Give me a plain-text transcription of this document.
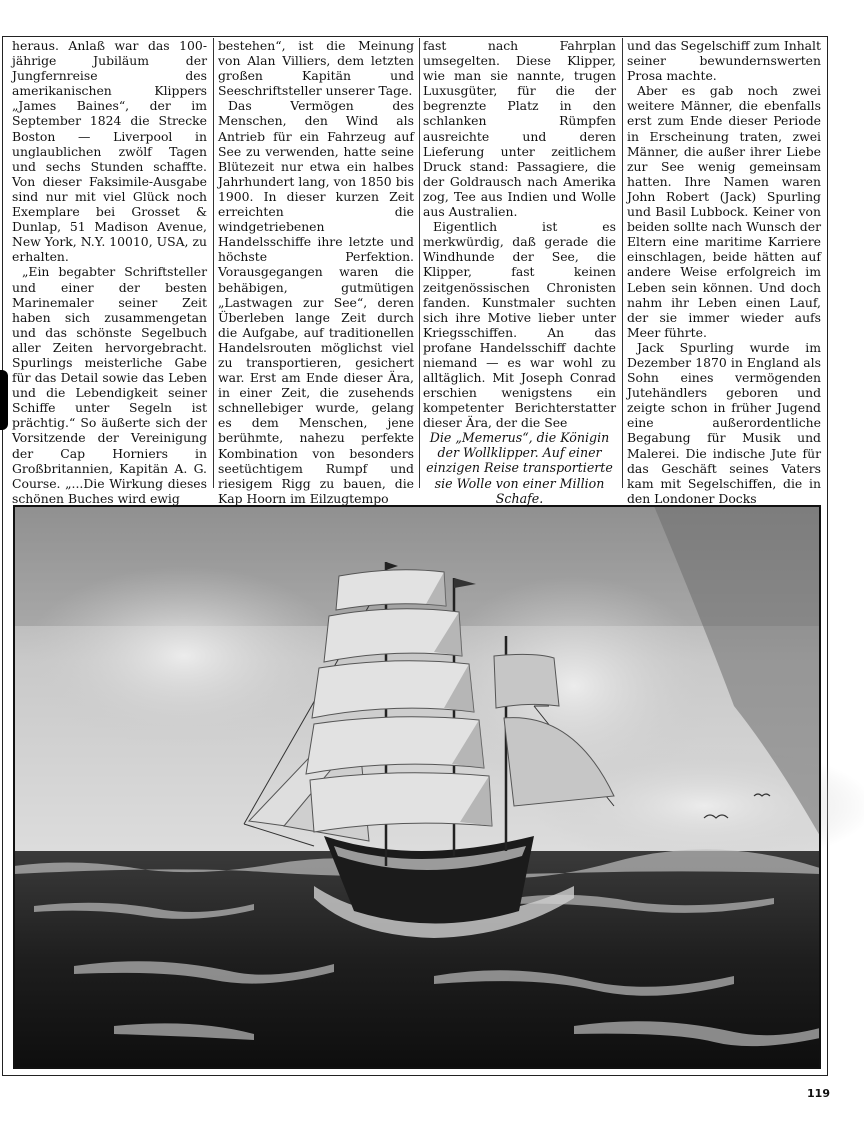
heraus. Anlaß war das 100-jährige Jubiläum der Jungfernreise des amerikanischen Klippers „James Baines“, der im September 1824 die Strecke Boston — Liverpool in unglaublichen zwölf Tagen und sechs Stunden schaffte. Von dieser Faksimile-Ausgabe sind nur mit viel Glück noch Exemplare bei Grosset & Dunlap, 51 Madison Avenue, New York, N.Y. 10010, USA, zu erhalten.

„Ein begabter Schriftsteller und einer der besten Marinemaler seiner Zeit haben sich zusammengetan und das schönste Segelbuch aller Zeiten hervorgebracht. Spurlings meisterliche Gabe für das Detail sowie das Leben und die Lebendigkeit seiner Schiffe unter Segeln ist prächtig.“ So äußerte sich der Vorsitzende der Vereinigung der Cap Horniers in Großbritannien, Kapitän A. G. Course. „...Die Wirkung dieses schönen Buches wird ewig

bestehen“, ist die Meinung von Alan Villiers, dem letzten großen Kapitän und Seeschriftsteller unserer Tage.

Das Vermögen des Menschen, den Wind als Antrieb für ein Fahrzeug auf See zu verwenden, hatte seine Blütezeit nur etwa ein halbes Jahrhundert lang, von 1850 bis 1900. In dieser kurzen Zeit erreichten die windgetriebenen Handelsschiffe ihre letzte und höchste Perfektion. Vorausgegangen waren die behäbigen, gutmütigen „Lastwagen zur See“, deren Überleben lange Zeit durch die Aufgabe, auf traditionellen Handelsrouten möglichst viel zu transportieren, gesichert war. Erst am Ende dieser Ära, in einer Zeit, die zusehends schnellebiger wurde, gelang es dem Menschen, jene berühmte, nahezu perfekte Kombination von besonders seetüchtigem Rumpf und riesigem Rigg zu bauen, die Kap Hoorn im Eilzugtempo

fast nach Fahrplan umsegelten. Diese Klipper, wie man sie nannte, trugen Luxusgüter, für die der begrenzte Platz in den schlanken Rümpfen ausreichte und deren Lieferung unter zeitlichem Druck stand: Passagiere, die der Goldrausch nach Amerika zog, Tee aus Indien und Wolle aus Australien.

Eigentlich ist es merkwürdig, daß gerade die Windhunde der See, die Klipper, fast keinen zeitgenössischen Chronisten fanden. Kunstmaler suchten sich ihre Motive lieber unter Kriegsschiffen. An das profane Handelsschiff dachte niemand — es war wohl zu alltäglich. Mit Joseph Conrad erschien wenigstens ein kompetenter Berichterstatter dieser Ära, der die See

und das Segelschiff zum Inhalt seiner bewundernswerten Prosa machte.

Aber es gab noch zwei weitere Männer, die ebenfalls erst zum Ende dieser Periode in Erscheinung traten, zwei Männer, die außer ihrer Liebe zur See wenig gemeinsam hatten. Ihre Namen waren John Robert (Jack) Spurling und Basil Lubbock. Keiner von beiden sollte nach Wunsch der Eltern eine maritime Karriere einschlagen, beide hätten auf andere Weise erfolgreich im Leben sein können. Und doch nahm ihr Leben einen Lauf, der sie immer wieder aufs Meer führte.

Jack Spurling wurde im Dezember 1870 in England als Sohn eines vermögenden Jutehändlers geboren und zeigte schon in früher Jugend eine außerordentliche Begabung für Musik und Malerei. Die indische Jute für das Geschäft seines Vaters kam mit Segelschiffen, die in den Londoner Docks

Die „Memerus“, die Königin der Wollklipper. Auf einer einzigen Reise transportierte sie Wolle von einer Million Schafe.
119
